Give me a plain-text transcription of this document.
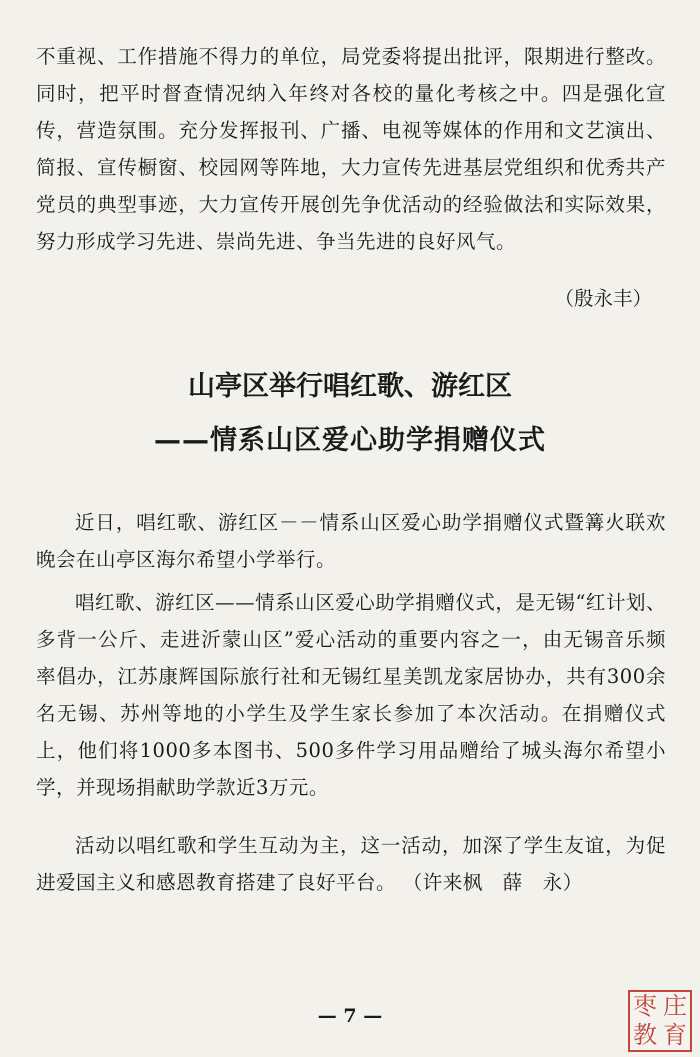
不重视、工作措施不得力的单位，局党委将提出批评，限期进行整改。同时，把平时督查情况纳入年终对各校的量化考核之中。四是强化宣传，营造氛围。充分发挥报刊、广播、电视等媒体的作用和文艺演出、简报、宣传橱窗、校园网等阵地，大力宣传先进基层党组织和优秀共产党员的典型事迹，大力宣传开展创先争优活动的经验做法和实际效果，努力形成学习先进、崇尚先进、争当先进的良好风气。

（殷永丰）

山亭区举行唱红歌、游红区
——情系山区爱心助学捐赠仪式

近日，唱红歌、游红区－－情系山区爱心助学捐赠仪式暨篝火联欢晚会在山亭区海尔希望小学举行。

唱红歌、游红区——情系山区爱心助学捐赠仪式，是无锡“红计划、多背一公斤、走进沂蒙山区”爱心活动的重要内容之一，由无锡音乐频率倡办，江苏康辉国际旅行社和无锡红星美凯龙家居协办，共有300余名无锡、苏州等地的小学生及学生家长参加了本次活动。在捐赠仪式上，他们将1000多本图书、500多件学习用品赠给了城头海尔希望小学，并现场捐献助学款近3万元。

活动以唱红歌和学生互动为主，这一活动，加深了学生友谊，为促进爱国主义和感恩教育搭建了良好平台。 （许来枫　薛　永）

— 7 —	枣 庄
教 育
